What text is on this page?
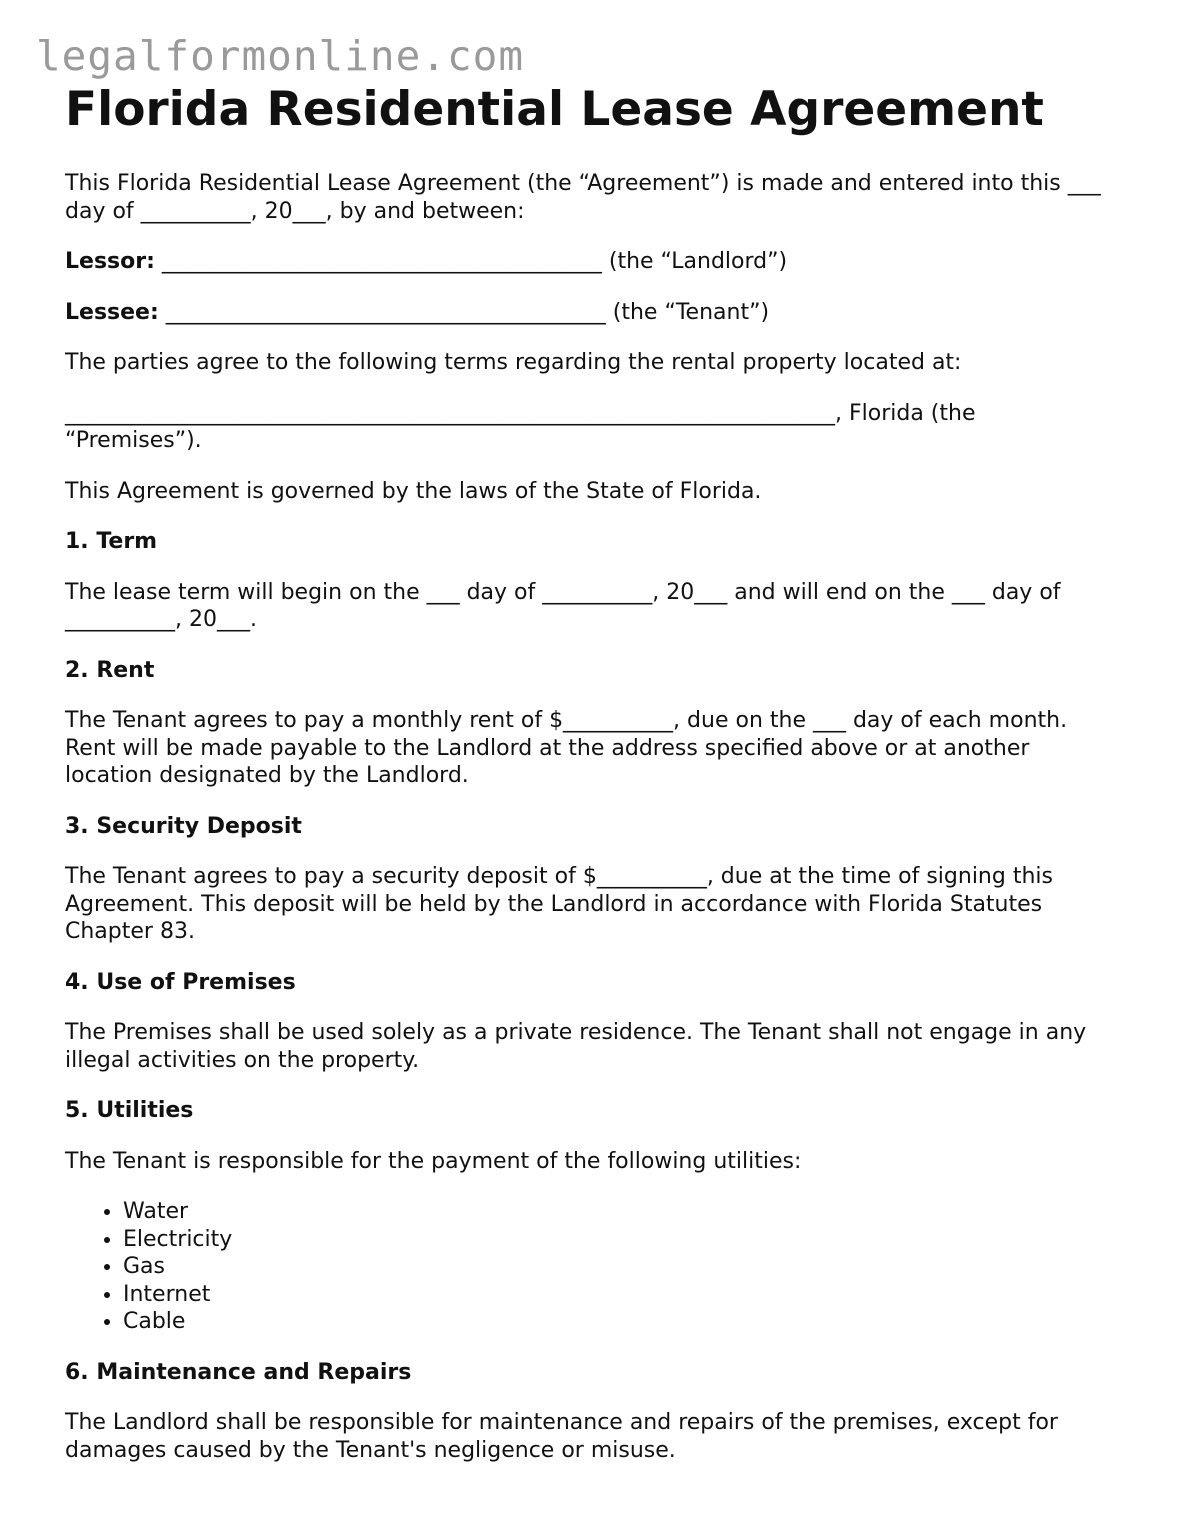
legalformonline.com
Florida Residential Lease Agreement

This Florida Residential Lease Agreement (the “Agreement”) is made and entered into this ___ day of __________, 20___, by and between:

Lessor: ________________________________________ (the “Landlord”)

Lessee: ________________________________________ (the “Tenant”)

The parties agree to the following terms regarding the rental property located at:

______________________________________________________________________, Florida (the “Premises”).

This Agreement is governed by the laws of the State of Florida.

1. Term

The lease term will begin on the ___ day of __________, 20___ and will end on the ___ day of __________, 20___.

2. Rent

The Tenant agrees to pay a monthly rent of $__________, due on the ___ day of each month. Rent will be made payable to the Landlord at the address specified above or at another location designated by the Landlord.

3. Security Deposit

The Tenant agrees to pay a security deposit of $__________, due at the time of signing this Agreement. This deposit will be held by the Landlord in accordance with Florida Statutes Chapter 83.

4. Use of Premises

The Premises shall be used solely as a private residence. The Tenant shall not engage in any illegal activities on the property.

5. Utilities

The Tenant is responsible for the payment of the following utilities:

• Water
• Electricity
• Gas
• Internet
• Cable
6. Maintenance and Repairs

The Landlord shall be responsible for maintenance and repairs of the premises, except for damages caused by the Tenant's negligence or misuse.
